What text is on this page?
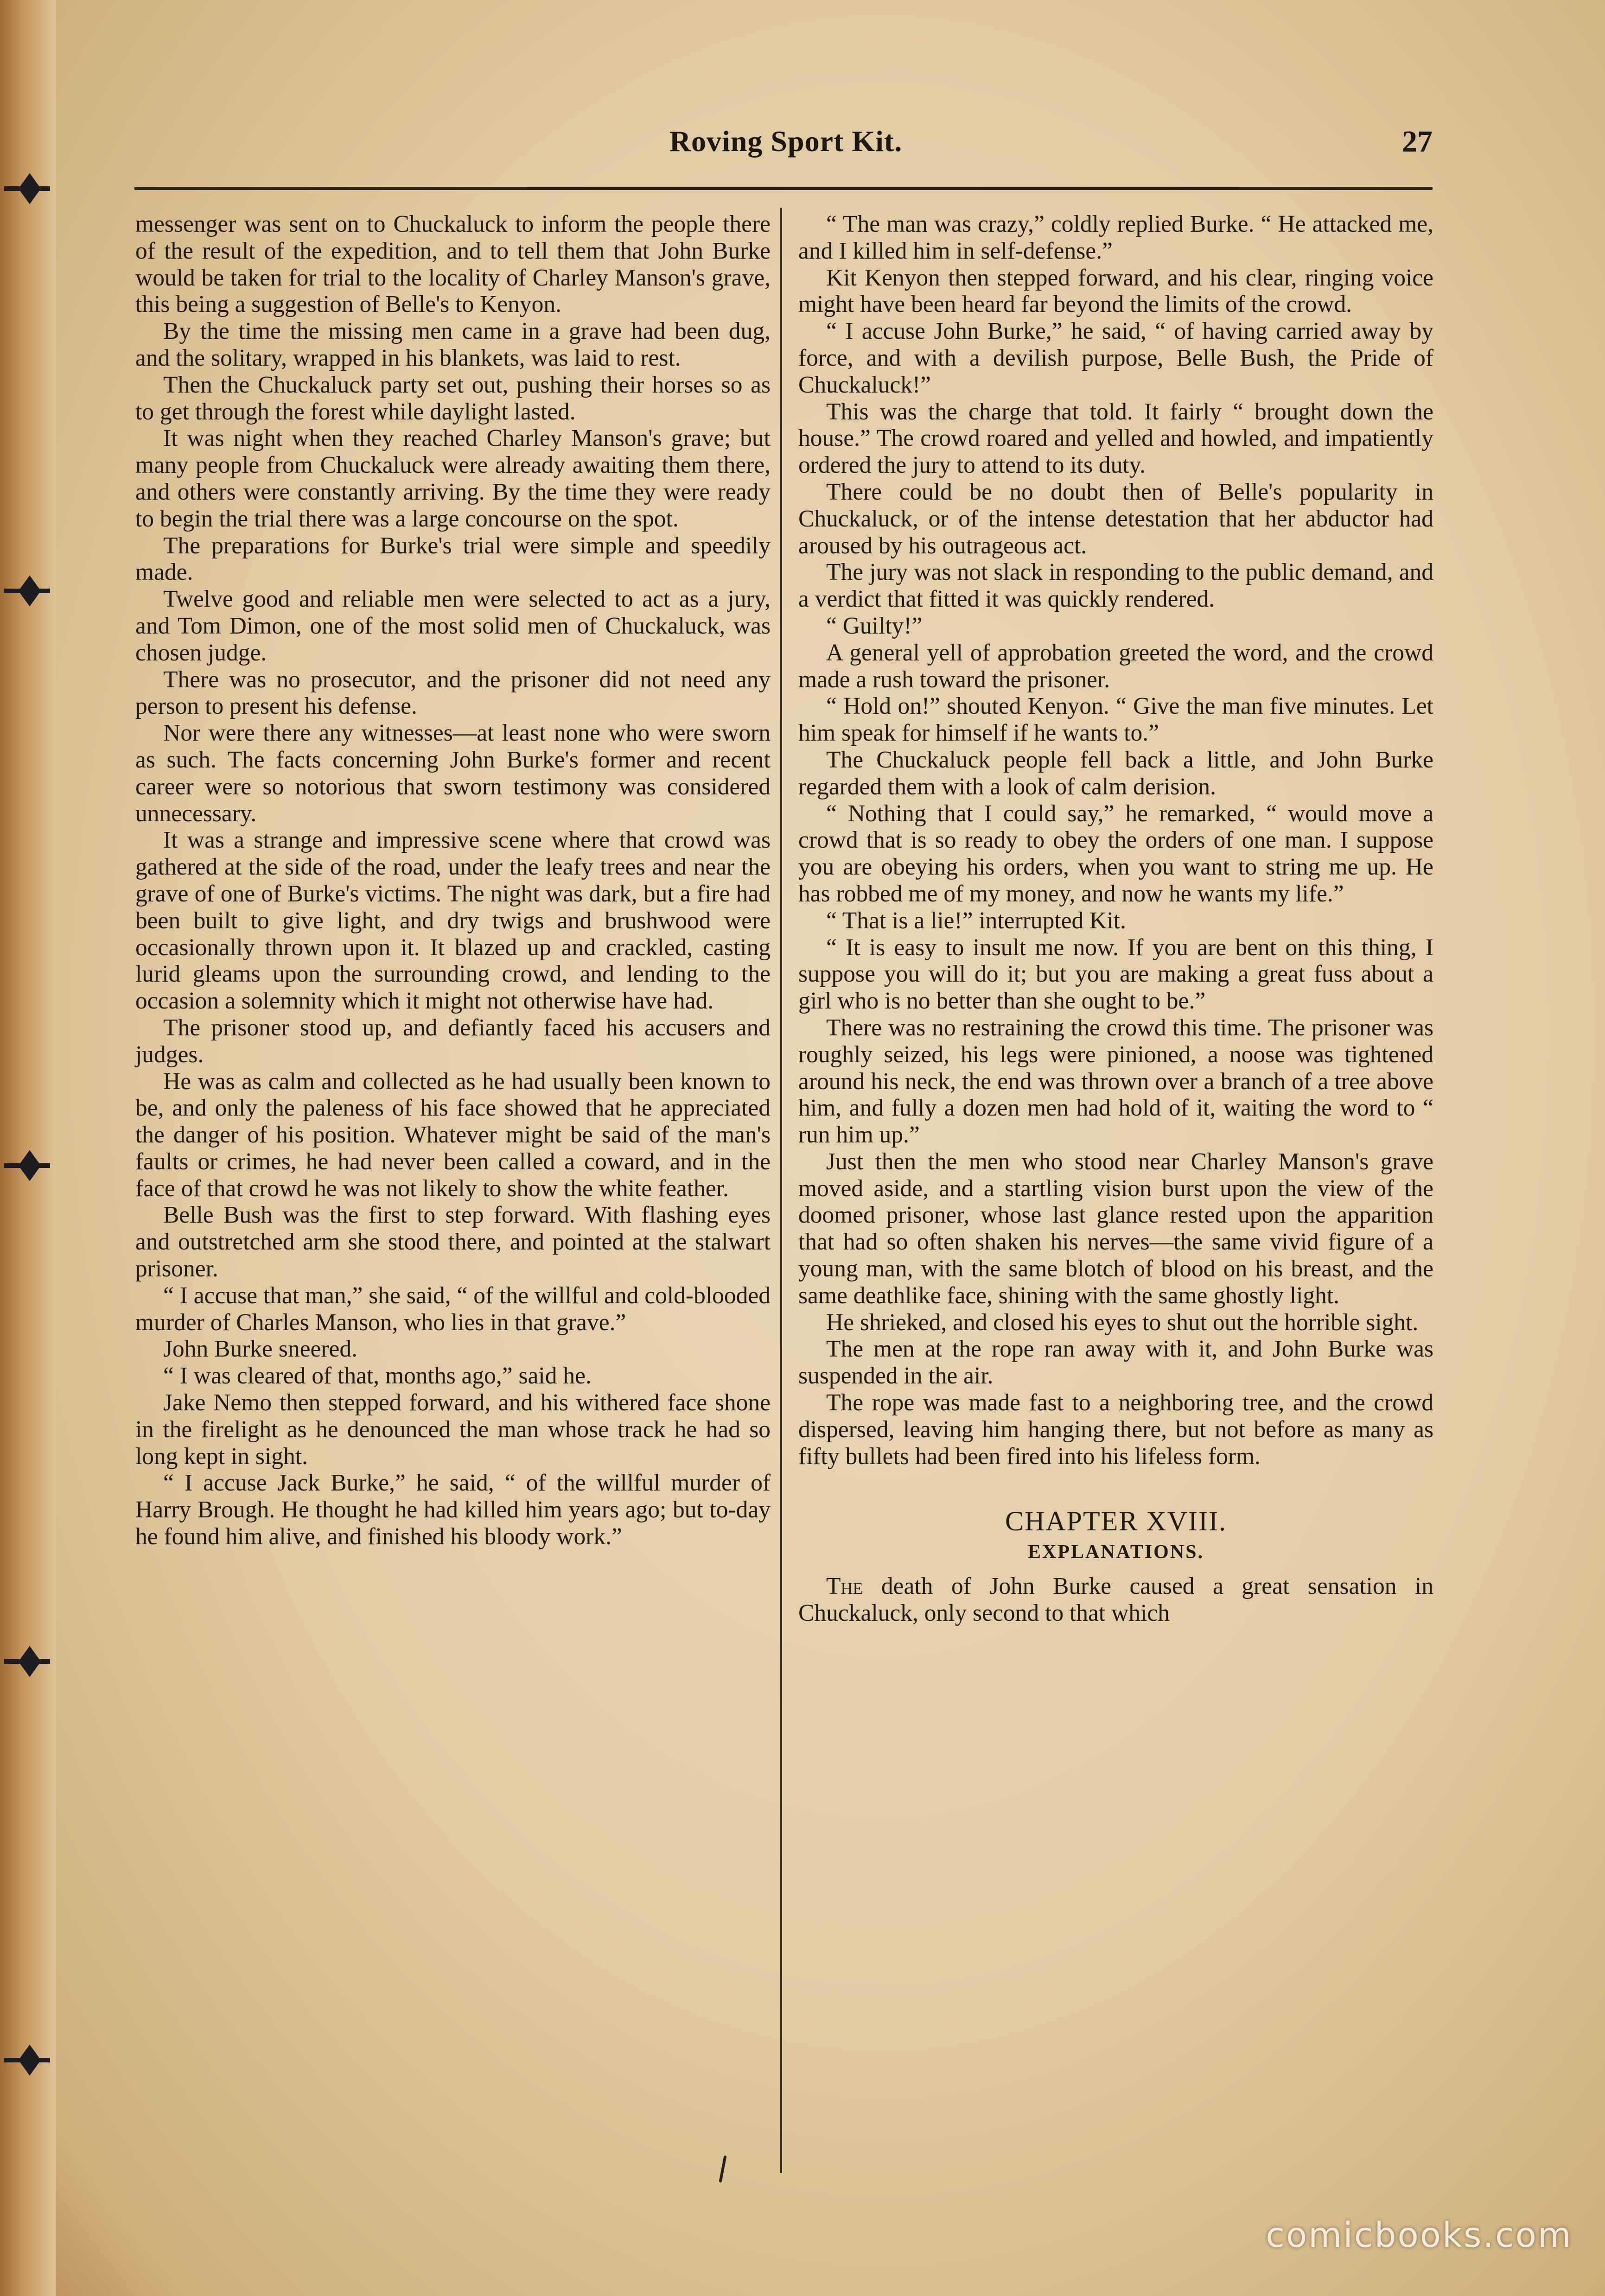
Roving Sport Kit.	27

messenger was sent on to Chuckaluck to inform the people there of the result of the expedition, and to tell them that John Burke would be taken for trial to the locality of Charley Manson's grave, this being a suggestion of Belle's to Kenyon.

By the time the missing men came in a grave had been dug, and the solitary, wrapped in his blankets, was laid to rest.

Then the Chuckaluck party set out, pushing their horses so as to get through the forest while daylight lasted.

It was night when they reached Charley Manson's grave; but many people from Chuckaluck were already awaiting them there, and others were constantly arriving. By the time they were ready to begin the trial there was a large concourse on the spot.

The preparations for Burke's trial were simple and speedily made.

Twelve good and reliable men were selected to act as a jury, and Tom Dimon, one of the most solid men of Chuckaluck, was chosen judge.

There was no prosecutor, and the prisoner did not need any person to present his defense.

Nor were there any witnesses—at least none who were sworn as such. The facts concerning John Burke's former and recent career were so notorious that sworn testimony was considered unnecessary.

It was a strange and impressive scene where that crowd was gathered at the side of the road, under the leafy trees and near the grave of one of Burke's victims. The night was dark, but a fire had been built to give light, and dry twigs and brushwood were occasionally thrown upon it. It blazed up and crackled, casting lurid gleams upon the surrounding crowd, and lending to the occasion a solemnity which it might not otherwise have had.

The prisoner stood up, and defiantly faced his accusers and judges.

He was as calm and collected as he had usually been known to be, and only the paleness of his face showed that he appreciated the danger of his position. Whatever might be said of the man's faults or crimes, he had never been called a coward, and in the face of that crowd he was not likely to show the white feather.

Belle Bush was the first to step forward. With flashing eyes and outstretched arm she stood there, and pointed at the stalwart prisoner.

“ I accuse that man,” she said, “ of the willful and cold-blooded murder of Charles Manson, who lies in that grave.”

John Burke sneered.

“ I was cleared of that, months ago,” said he.

Jake Nemo then stepped forward, and his withered face shone in the firelight as he denounced the man whose track he had so long kept in sight.

“ I accuse Jack Burke,” he said, “ of the willful murder of Harry Brough. He thought he had killed him years ago; but to-day he found him alive, and finished his bloody work.”

“ The man was crazy,” coldly replied Burke. “ He attacked me, and I killed him in self-defense.”

Kit Kenyon then stepped forward, and his clear, ringing voice might have been heard far beyond the limits of the crowd.

“ I accuse John Burke,” he said, “ of having carried away by force, and with a devilish purpose, Belle Bush, the Pride of Chuckaluck!”

This was the charge that told. It fairly “ brought down the house.” The crowd roared and yelled and howled, and impatiently ordered the jury to attend to its duty.

There could be no doubt then of Belle's popularity in Chuckaluck, or of the intense detestation that her abductor had aroused by his outrageous act.

The jury was not slack in responding to the public demand, and a verdict that fitted it was quickly rendered.

“ Guilty!”

A general yell of approbation greeted the word, and the crowd made a rush toward the prisoner.

“ Hold on!” shouted Kenyon. “ Give the man five minutes. Let him speak for himself if he wants to.”

The Chuckaluck people fell back a little, and John Burke regarded them with a look of calm derision.

“ Nothing that I could say,” he remarked, “ would move a crowd that is so ready to obey the orders of one man. I suppose you are obeying his orders, when you want to string me up. He has robbed me of my money, and now he wants my life.”

“ That is a lie!” interrupted Kit.

“ It is easy to insult me now. If you are bent on this thing, I suppose you will do it; but you are making a great fuss about a girl who is no better than she ought to be.”

There was no restraining the crowd this time. The prisoner was roughly seized, his legs were pinioned, a noose was tightened around his neck, the end was thrown over a branch of a tree above him, and fully a dozen men had hold of it, waiting the word to “ run him up.”

Just then the men who stood near Charley Manson's grave moved aside, and a startling vision burst upon the view of the doomed prisoner, whose last glance rested upon the apparition that had so often shaken his nerves—the same vivid figure of a young man, with the same blotch of blood on his breast, and the same deathlike face, shining with the same ghostly light.

He shrieked, and closed his eyes to shut out the horrible sight.

The men at the rope ran away with it, and John Burke was suspended in the air.

The rope was made fast to a neighboring tree, and the crowd dispersed, leaving him hanging there, but not before as many as fifty bullets had been fired into his lifeless form.

CHAPTER XVIII.
EXPLANATIONS.

The death of John Burke caused a great sensation in Chuckaluck, only second to that which

comicbooks.com
